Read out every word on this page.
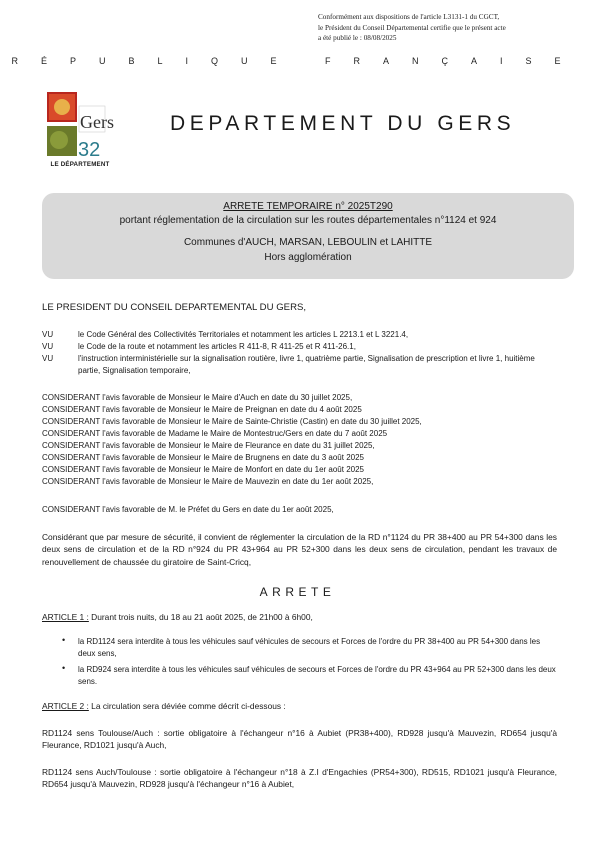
Conformément aux dispositions de l'article L3131-1 du CGCT,
le Président du Conseil Départemental certifie que le présent acte
a été publié le : 08/08/2025
RÉPUBLIQUE FRANÇAISE
Gers
32
LE DÉPARTEMENT
DEPARTEMENT DU GERS
ARRETE TEMPORAIRE n° 2025T290
portant réglementation de la circulation sur les routes départementales n°1124 et 924
Communes d'AUCH, MARSAN, LEBOULIN et LAHITTE
Hors agglomération
LE PRESIDENT DU CONSEIL DEPARTEMENTAL DU GERS,
VU	le Code Général des Collectivités Territoriales et notamment les articles L 2213.1 et L 3221.4,
VU	le Code de la route et notamment les articles R 411-8, R 411-25 et R 411-26.1,
VU	l'instruction interministérielle sur la signalisation routière, livre 1, quatrième partie, Signalisation de prescription et livre 1, huitième partie, Signalisation temporaire,
CONSIDERANT l'avis favorable de Monsieur le Maire d'Auch en date du 30 juillet 2025,
CONSIDERANT l'avis favorable de Monsieur le Maire de Preignan en date du 4 août 2025
CONSIDERANT l'avis favorable de Monsieur le Maire de Sainte-Christie (Castin) en date du 30 juillet 2025,
CONSIDERANT l'avis favorable de Madame le Maire de Montestruc/Gers en date du 7 août 2025
CONSIDERANT l'avis favorable de Monsieur le Maire de Fleurance en date du 31 juillet 2025,
CONSIDERANT l'avis favorable de Monsieur le Maire de Brugnens en date du 3 août 2025
CONSIDERANT l'avis favorable de Monsieur le Maire de Monfort en date du 1er août 2025
CONSIDERANT l'avis favorable de Monsieur le Maire de Mauvezin en date du 1er août 2025,
CONSIDERANT l'avis favorable de M. le Préfet du Gers en date du 1er août 2025,
Considérant que par mesure de sécurité, il convient de réglementer la circulation de la RD n°1124 du PR 38+400 au PR 54+300 dans les deux sens de circulation et de la RD n°924 du PR 43+964 au PR 52+300 dans les deux sens de circulation, pendant les travaux de renouvellement de chaussée du giratoire de Saint-Cricq,
ARRETE
ARTICLE 1 : Durant trois nuits, du 18 au 21 août 2025, de 21h00 à 6h00,
• la RD1124 sera interdite à tous les véhicules sauf véhicules de secours et Forces de l'ordre du PR 38+400 au PR 54+300 dans les deux sens,
• la RD924 sera interdite à tous les véhicules sauf véhicules de secours et Forces de l'ordre du PR 43+964 au PR 52+300 dans les deux sens.
ARTICLE 2 : La circulation sera déviée comme décrit ci-dessous :
RD1124 sens Toulouse/Auch : sortie obligatoire à l'échangeur n°16 à Aubiet (PR38+400), RD928 jusqu'à Mauvezin, RD654 jusqu'à Fleurance, RD1021 jusqu'à Auch,
RD1124 sens Auch/Toulouse : sortie obligatoire à l'échangeur n°18 à Z.I d'Engachies (PR54+300), RD515, RD1021 jusqu'à Fleurance, RD654 jusqu'à Mauvezin, RD928 jusqu'à l'échangeur n°16 à Aubiet,
